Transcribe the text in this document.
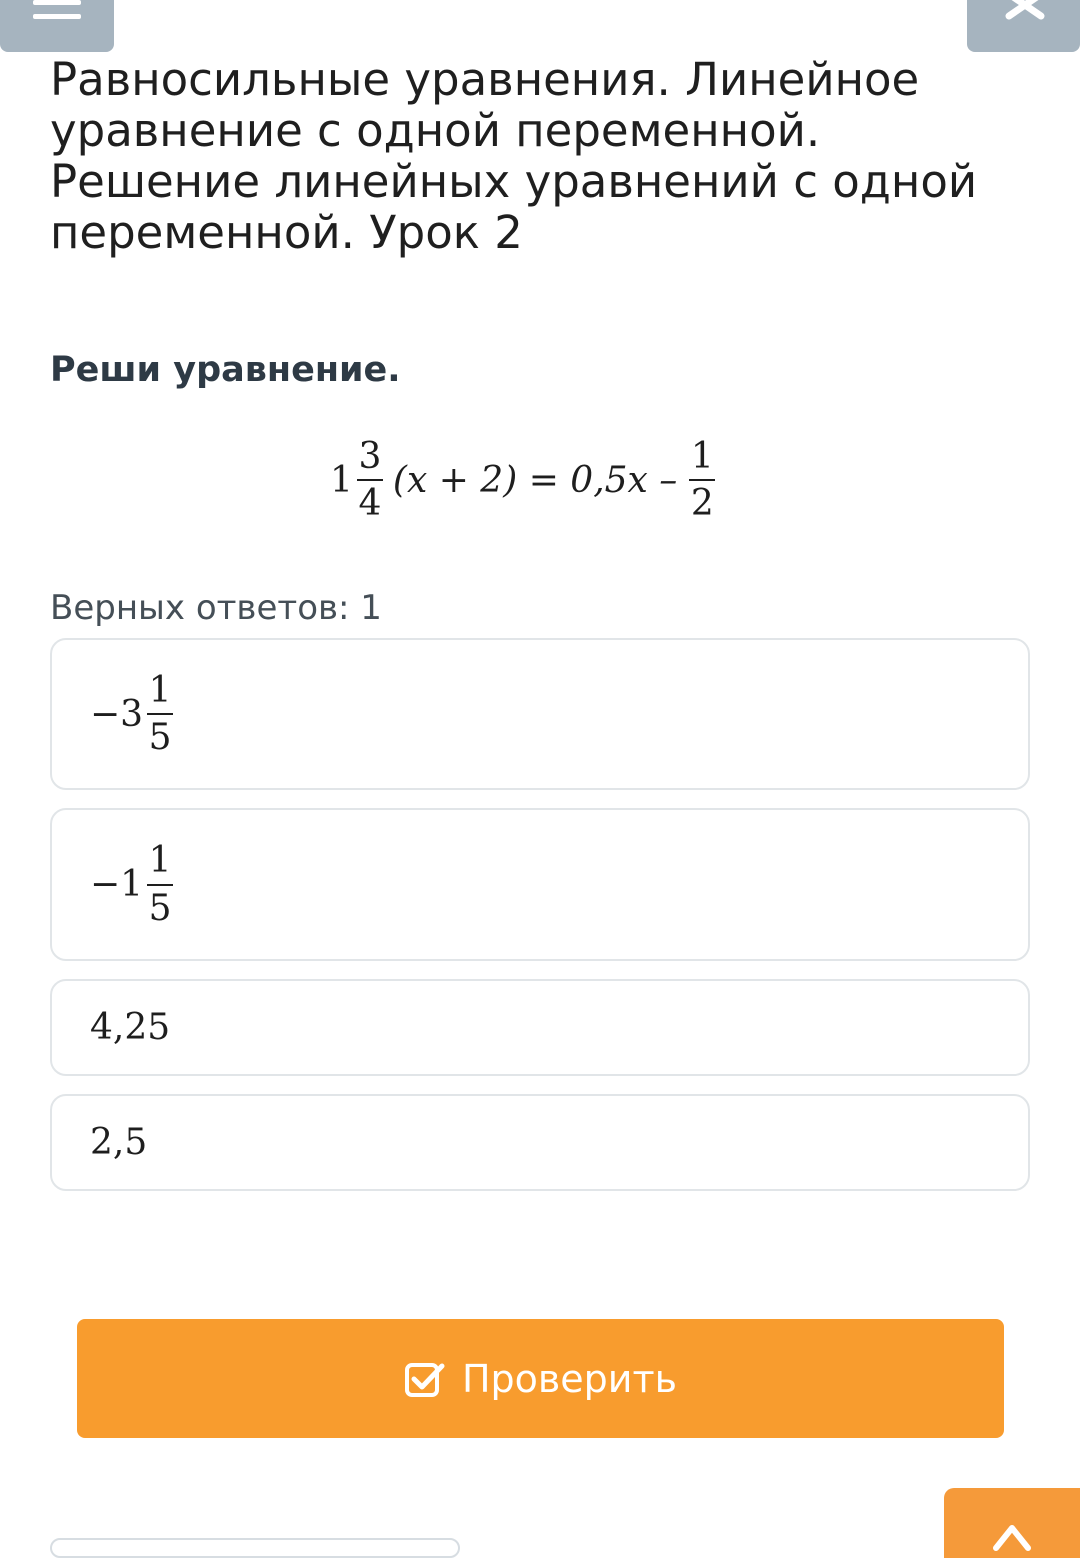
Равносильные уравнения. Линейное уравнение с одной переменной. Решение линейных уравнений с одной переменной. Урок 2

Реши уравнение.

$1 \frac{3}{4} (x + 2) = 0,5x - \frac{1}{2}$

Верных ответов: 1

− $3 \frac{1}{5}$
− $1 \frac{1}{5}$
4,25
2,5
Проверить
